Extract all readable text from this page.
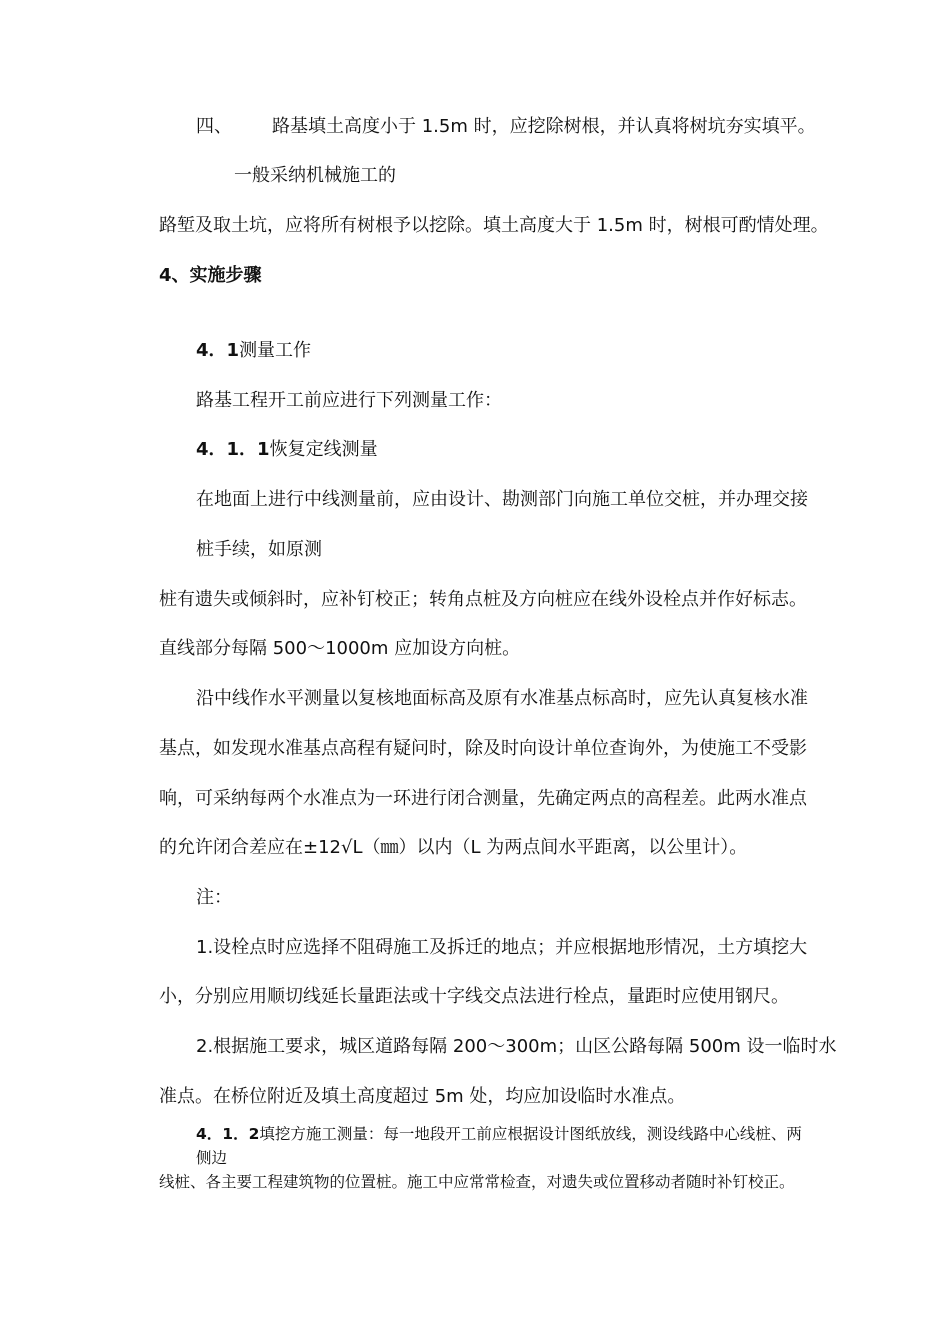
四、 路基填土高度小于 1.5m 时，应挖除树根，并认真将树坑夯实填平。
一般采纳机械施工的
路堑及取土坑，应将所有树根予以挖除。填土高度大于 1.5m 时，树根可酌情处理。
4、实施步骤
4．1测量工作
路基工程开工前应进行下列测量工作：
4．1．1恢复定线测量
在地面上进行中线测量前，应由设计、勘测部门向施工单位交桩，并办理交接
桩手续，如原测
桩有遗失或倾斜时，应补钉校正；转角点桩及方向桩应在线外设栓点并作好标志。
直线部分每隔 500～1000m 应加设方向桩。
沿中线作水平测量以复核地面标高及原有水准基点标高时，应先认真复核水准
基点，如发现水准基点高程有疑问时，除及时向设计单位查询外，为使施工不受影
响，可采纳每两个水准点为一环进行闭合测量，先确定两点的高程差。此两水准点
的允许闭合差应在±12√L（㎜）以内（L 为两点间水平距离，以公里计）。
注：
1.设栓点时应选择不阻碍施工及拆迁的地点；并应根据地形情况，土方填挖大
小，分别应用顺切线延长量距法或十字线交点法进行栓点，量距时应使用钢尺。
2.根据施工要求，城区道路每隔 200～300m；山区公路每隔 500m 设一临时水
准点。在桥位附近及填土高度超过 5m 处，均应加设临时水准点。
4．1．2填挖方施工测量：每一地段开工前应根据设计图纸放线，测设线路中心线桩、两
侧边
线桩、各主要工程建筑物的位置桩。施工中应常常检查，对遗失或位置移动者随时补钉校正。
